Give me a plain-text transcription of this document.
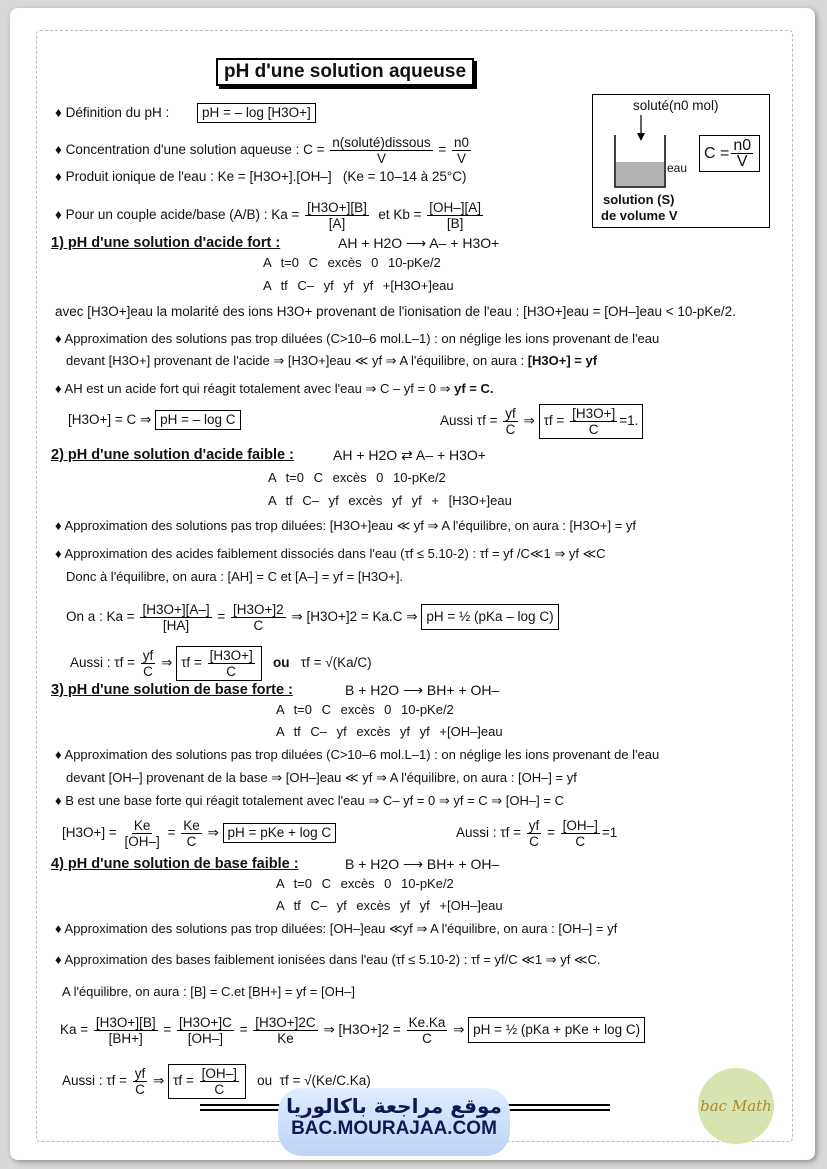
pH d'une solution aqueuse
♦ Définition du pH : pH = – log [H3O+]
♦ Concentration d'une solution aqueuse : $C = \frac{\text{n(soluté)dissous}}{V} = \frac{n0}{V}$
♦ Produit ionique de l'eau : Ke = [H3O+].[OH–] (Ke = 10–14 à 25°C)
♦ Pour un couple acide/base (A/B) : $Ka = \frac{[H3O+][B]}{[A]}$ et $Kb = \frac{[OH-][A]}{[B]}$
soluté(n0 mol)
eau
$C = \frac{n0}{V}$
solution (S)
de volume V
1) pH d'une solution d'acide fort :	AH + H2O ⟶ A– + H3O+
A t=0 C excès 0 10-pKe/2
A tf C– yf yf yf +[H3O+]eau
avec [H3O+]eau la molarité des ions H3O+ provenant de l'ionisation de l'eau : [H3O+]eau = [OH–]eau < 10-pKe/2.
♦ Approximation des solutions pas trop diluées (C>10–6 mol.L–1) : on néglige les ions provenant de l'eau
devant [H3O+] provenant de l'acide ⇒ [H3O+]eau ≪ yf ⇒ A l'équilibre, on aura : [H3O+] = yf
♦ AH est un acide fort qui réagit totalement avec l'eau ⇒ C – yf = 0 ⇒ yf = C.
[H3O+] = C ⇒ pH = – log C	Aussi $\tau f = \frac{yf}{C}$ ⇒ $\tau f = \frac{[H3O+]}{C} =1$.
2) pH d'une solution d'acide faible :	AH + H2O ⇄ A– + H3O+
A t=0 C excès 0 10-pKe/2
A tf C– yf excès yf yf + [H3O+]eau
♦ Approximation des solutions pas trop diluées: [H3O+]eau ≪ yf ⇒ A l'équilibre, on aura : [H3O+] = yf
♦ Approximation des acides faiblement dissociés dans l'eau (τf ≤ 5.10-2) : τf = yf /C≪1 ⇒ yf ≪C
Donc à l'équilibre, on aura : [AH] = C et [A–] = yf = [H3O+].
On a : $Ka = \frac{[H3O+][A-]}{[HA]} = \frac{[H3O+]2}{C}$ ⇒ [H3O+]2 = Ka.C ⇒ pH = ½ (pKa – log C)
Aussi : $\tau f = \frac{yf}{C}$ ⇒ $\tau f = \frac{[H3O+]}{C}$ ou τf = √(Ka/C)
3) pH d'une solution de base forte :	B + H2O ⟶ BH+ + OH–
A t=0 C excès 0 10-pKe/2
A tf C– yf excès yf yf +[OH–]eau
♦ Approximation des solutions pas trop diluées (C>10–6 mol.L–1) : on néglige les ions provenant de l'eau
devant [OH–] provenant de la base ⇒ [OH–]eau ≪ yf ⇒ A l'équilibre, on aura : [OH–] = yf
♦ B est une base forte qui réagit totalement avec l'eau ⇒ C– yf = 0 ⇒ yf = C ⇒ [OH–] = C
$[H3O+] = \frac{Ke}{[OH-]} = \frac{Ke}{C}$ ⇒ pH = pKe + log C	Aussi : $\tau f = \frac{yf}{C} = \frac{[OH-]}{C} =1$
4) pH d'une solution de base faible :	B + H2O ⟶ BH+ + OH–
A t=0 C excès 0 10-pKe/2
A tf C– yf excès yf yf +[OH–]eau
♦ Approximation des solutions pas trop diluées: [OH–]eau ≪yf ⇒ A l'équilibre, on aura : [OH–] = yf
♦ Approximation des bases faiblement ionisées dans l'eau (τf ≤ 5.10-2) : τf = yf/C ≪1 ⇒ yf ≪C.
A l'équilibre, on aura : [B] = C.et [BH+] = yf = [OH–]
$Ka = \frac{[H3O+][B]}{[BH+]} = \frac{[H3O+]C}{[OH-]} = \frac{[H3O+]2C}{Ke}$ ⇒ $[H3O+]2 = \frac{Ke.Ka}{C}$ ⇒ pH = ½ (pKa + pKe + log C)
Aussi : $\tau f = \frac{yf}{C}$ ⇒ $\tau f = \frac{[OH-]}{C}$ ou τf = √(Ke/C.Ka)
موقع مراجعة باكالوريا
BAC.MOURAJAA.COM
bac Math
